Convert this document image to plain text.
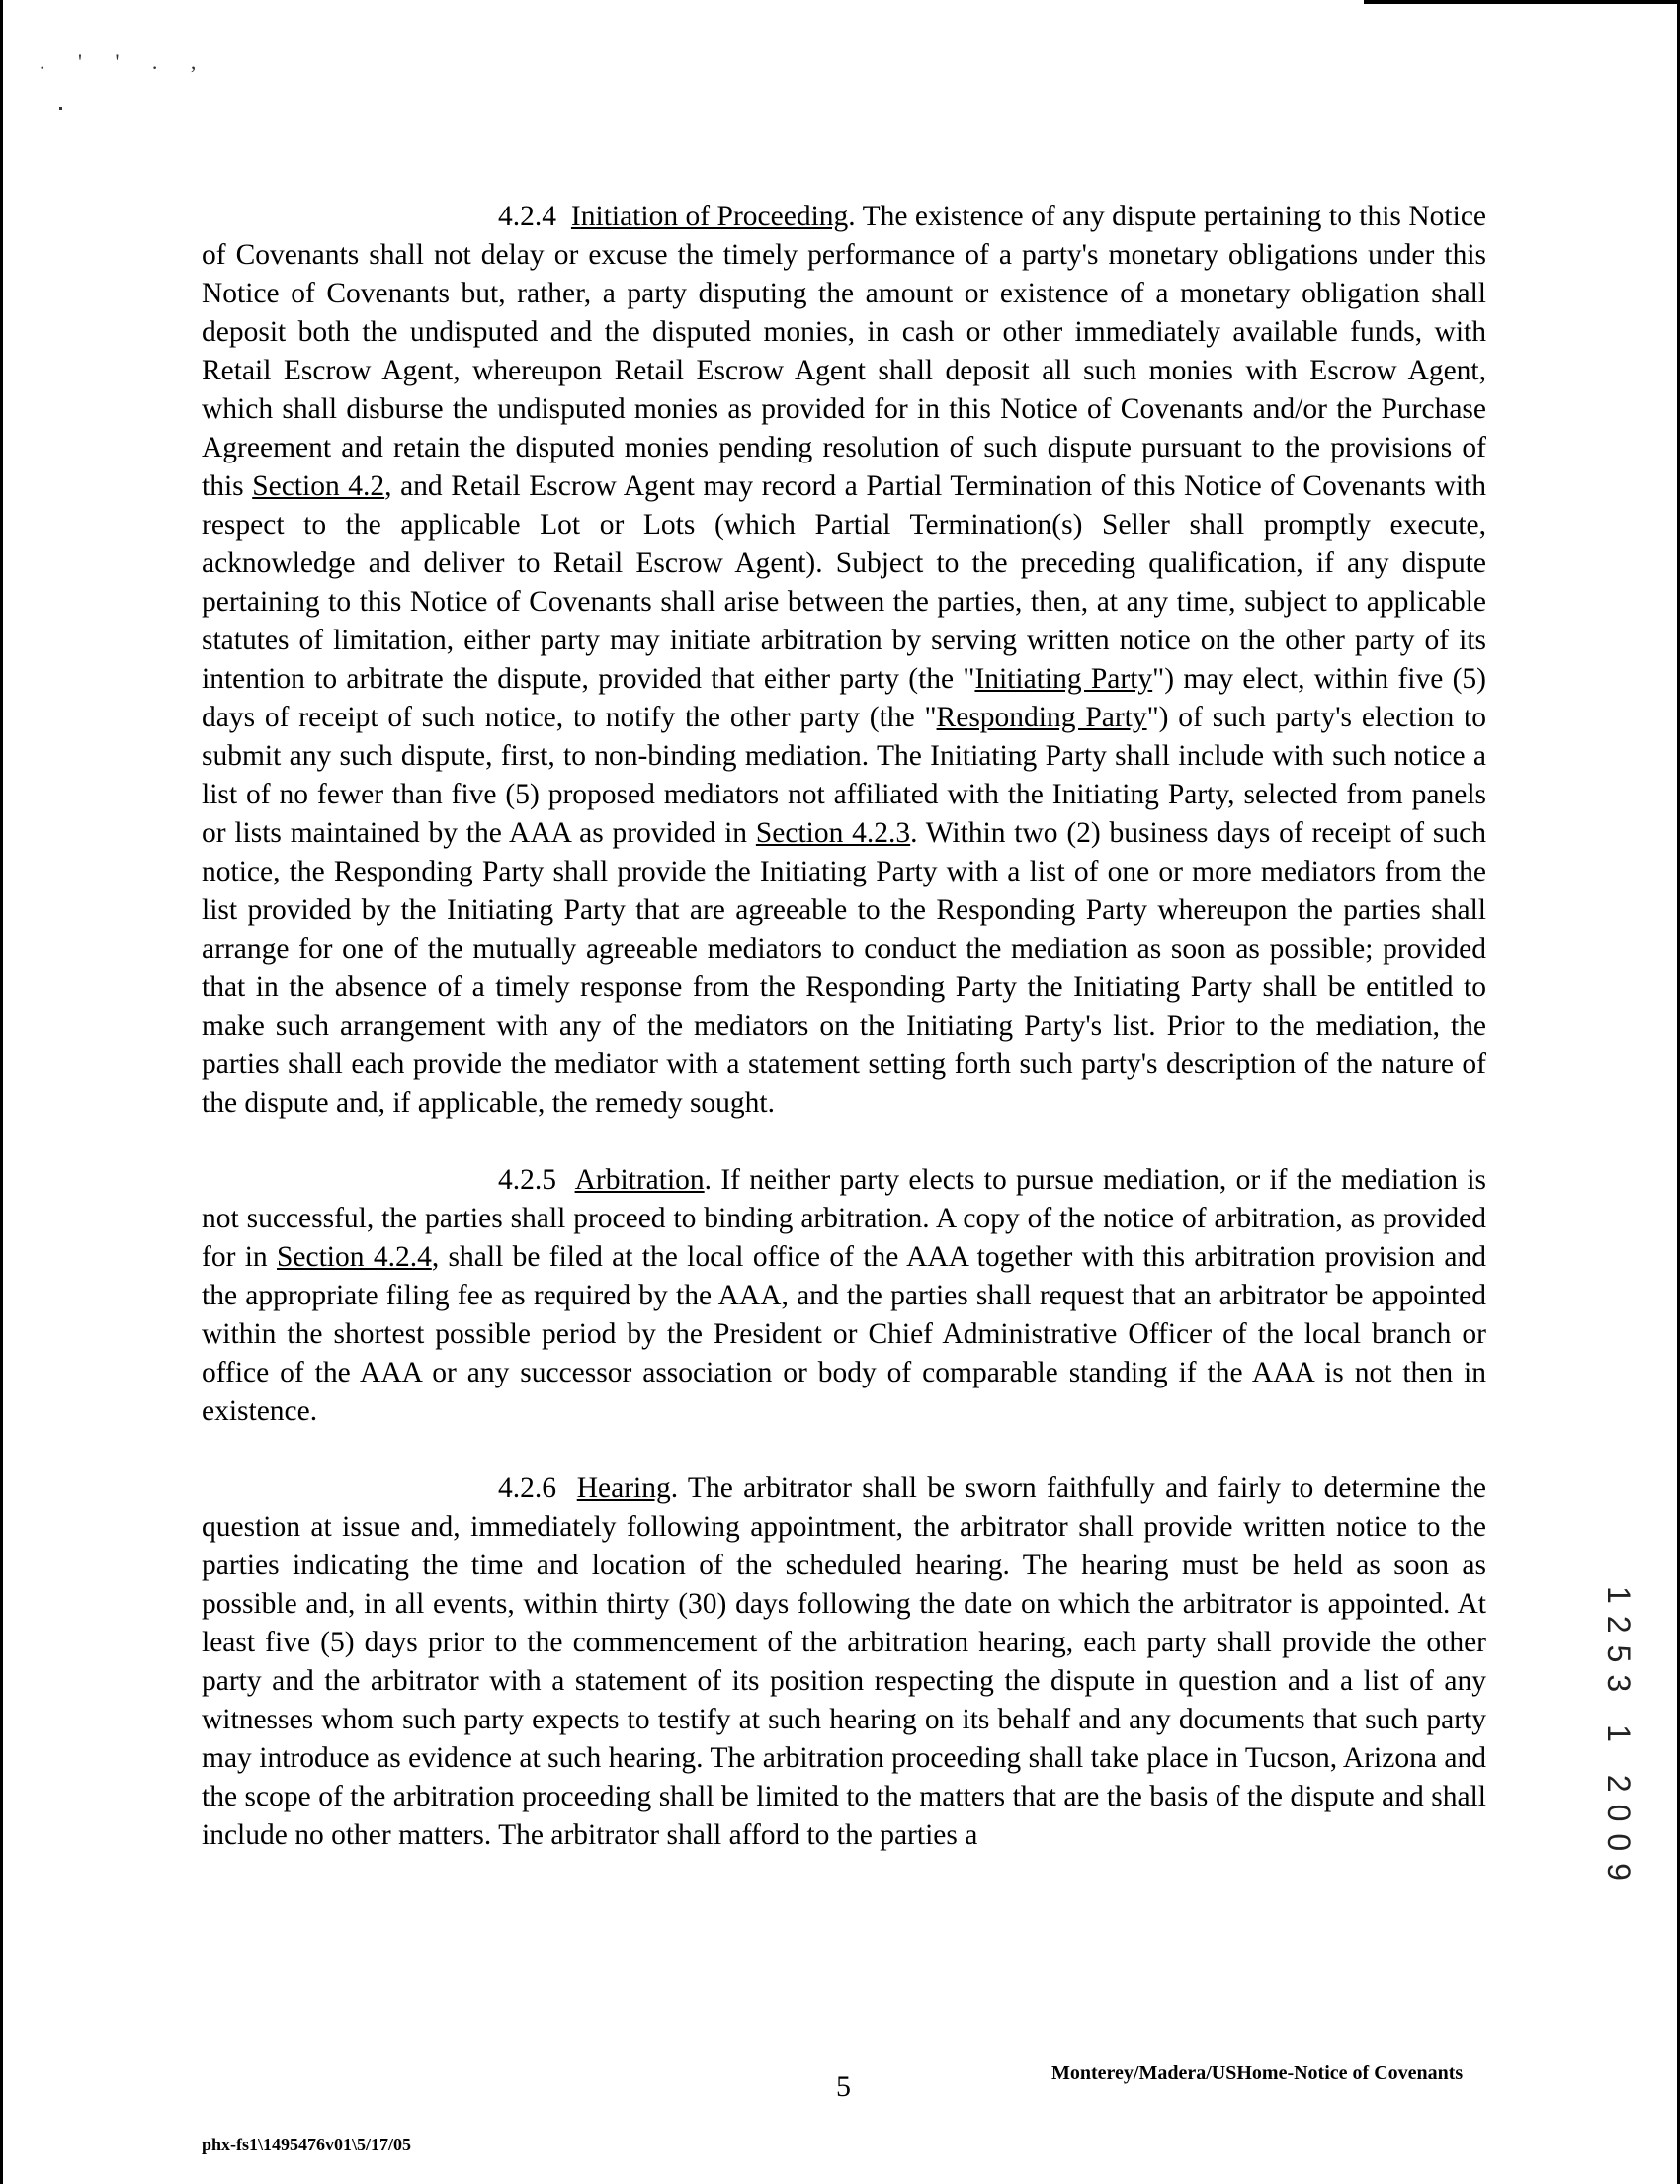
. ' ' . ,

4.2.4 Initiation of Proceeding. The existence of any dispute pertaining to this Notice of Covenants shall not delay or excuse the timely performance of a party's monetary obligations under this Notice of Covenants but, rather, a party disputing the amount or existence of a monetary obligation shall deposit both the undisputed and the disputed monies, in cash or other immediately available funds, with Retail Escrow Agent, whereupon Retail Escrow Agent shall deposit all such monies with Escrow Agent, which shall disburse the undisputed monies as provided for in this Notice of Covenants and/or the Purchase Agreement and retain the disputed monies pending resolution of such dispute pursuant to the provisions of this Section 4.2, and Retail Escrow Agent may record a Partial Termination of this Notice of Covenants with respect to the applicable Lot or Lots (which Partial Termination(s) Seller shall promptly execute, acknowledge and deliver to Retail Escrow Agent). Subject to the preceding qualification, if any dispute pertaining to this Notice of Covenants shall arise between the parties, then, at any time, subject to applicable statutes of limitation, either party may initiate arbitration by serving written notice on the other party of its intention to arbitrate the dispute, provided that either party (the "Initiating Party") may elect, within five (5) days of receipt of such notice, to notify the other party (the "Responding Party") of such party's election to submit any such dispute, first, to non-binding mediation. The Initiating Party shall include with such notice a list of no fewer than five (5) proposed mediators not affiliated with the Initiating Party, selected from panels or lists maintained by the AAA as provided in Section 4.2.3. Within two (2) business days of receipt of such notice, the Responding Party shall provide the Initiating Party with a list of one or more mediators from the list provided by the Initiating Party that are agreeable to the Responding Party whereupon the parties shall arrange for one of the mutually agreeable mediators to conduct the mediation as soon as possible; provided that in the absence of a timely response from the Responding Party the Initiating Party shall be entitled to make such arrangement with any of the mediators on the Initiating Party's list. Prior to the mediation, the parties shall each provide the mediator with a statement setting forth such party's description of the nature of the dispute and, if applicable, the remedy sought.

4.2.5 Arbitration. If neither party elects to pursue mediation, or if the mediation is not successful, the parties shall proceed to binding arbitration. A copy of the notice of arbitration, as provided for in Section 4.2.4, shall be filed at the local office of the AAA together with this arbitration provision and the appropriate filing fee as required by the AAA, and the parties shall request that an arbitrator be appointed within the shortest possible period by the President or Chief Administrative Officer of the local branch or office of the AAA or any successor association or body of comparable standing if the AAA is not then in existence.

4.2.6 Hearing. The arbitrator shall be sworn faithfully and fairly to determine the question at issue and, immediately following appointment, the arbitrator shall provide written notice to the parties indicating the time and location of the scheduled hearing. The hearing must be held as soon as possible and, in all events, within thirty (30) days following the date on which the arbitrator is appointed. At least five (5) days prior to the commencement of the arbitration hearing, each party shall provide the other party and the arbitrator with a statement of its position respecting the dispute in question and a list of any witnesses whom such party expects to testify at such hearing on its behalf and any documents that such party may introduce as evidence at such hearing. The arbitration proceeding shall take place in Tucson, Arizona and the scope of the arbitration proceeding shall be limited to the matters that are the basis of the dispute and shall include no other matters. The arbitrator shall afford to the parties a	1253 1 2009
5	Monterey/Madera/USHome-Notice of Covenants
phx-fs1\1495476v01\5/17/05
